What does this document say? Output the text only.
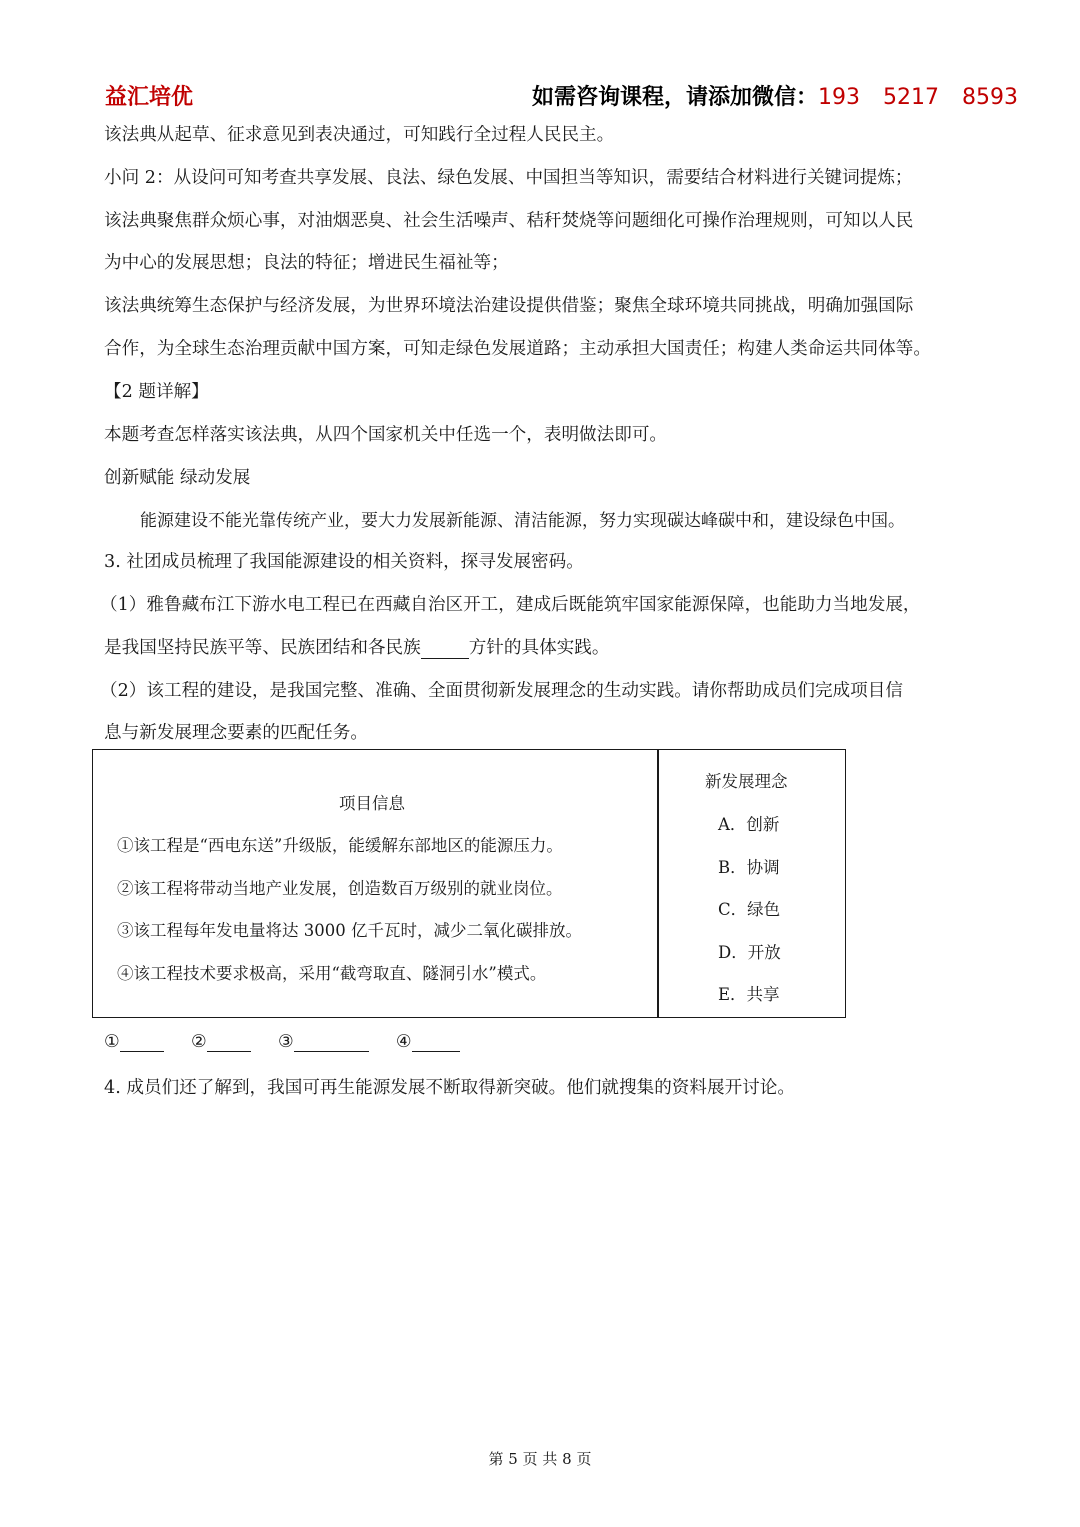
益汇培优	如需咨询课程，请添加微信：193 5217 8593
该法典从起草、征求意见到表决通过，可知践行全过程人民民主。
小问 2：从设问可知考查共享发展、良法、绿色发展、中国担当等知识，需要结合材料进行关键词提炼；
该法典聚焦群众烦心事，对油烟恶臭、社会生活噪声、秸秆焚烧等问题细化可操作治理规则，可知以人民
为中心的发展思想；良法的特征；增进民生福祉等；
该法典统筹生态保护与经济发展，为世界环境法治建设提供借鉴；聚焦全球环境共同挑战，明确加强国际
合作，为全球生态治理贡献中国方案，可知走绿色发展道路；主动承担大国责任；构建人类命运共同体等。
【2 题详解】
本题考查怎样落实该法典，从四个国家机关中任选一个，表明做法即可。
创新赋能 绿动发展
能源建设不能光靠传统产业，要大力发展新能源、清洁能源，努力实现碳达峰碳中和，建设绿色中国。
3. 社团成员梳理了我国能源建设的相关资料，探寻发展密码。
（1）雅鲁藏布江下游水电工程已在西藏自治区开工，建成后既能筑牢国家能源保障，也能助力当地发展，
是我国坚持民族平等、民族团结和各民族	方针的具体实践。
（2）该工程的建设，是我国完整、准确、全面贯彻新发展理念的生动实践。请你帮助成员们完成项目信
息与新发展理念要素的匹配任务。
项目信息
①该工程是“西电东送”升级版，能缓解东部地区的能源压力。
②该工程将带动当地产业发展，创造数百万级别的就业岗位。
③该工程每年发电量将达 3000 亿千瓦时，减少二氧化碳排放。
④该工程技术要求极高，采用“截弯取直、隧洞引水”模式。
新发展理念
A．创新
B．协调
C．绿色
D．开放
E．共享
①	②	③	④
4. 成员们还了解到，我国可再生能源发展不断取得新突破。他们就搜集的资料展开讨论。
第 5 页 共 8 页
